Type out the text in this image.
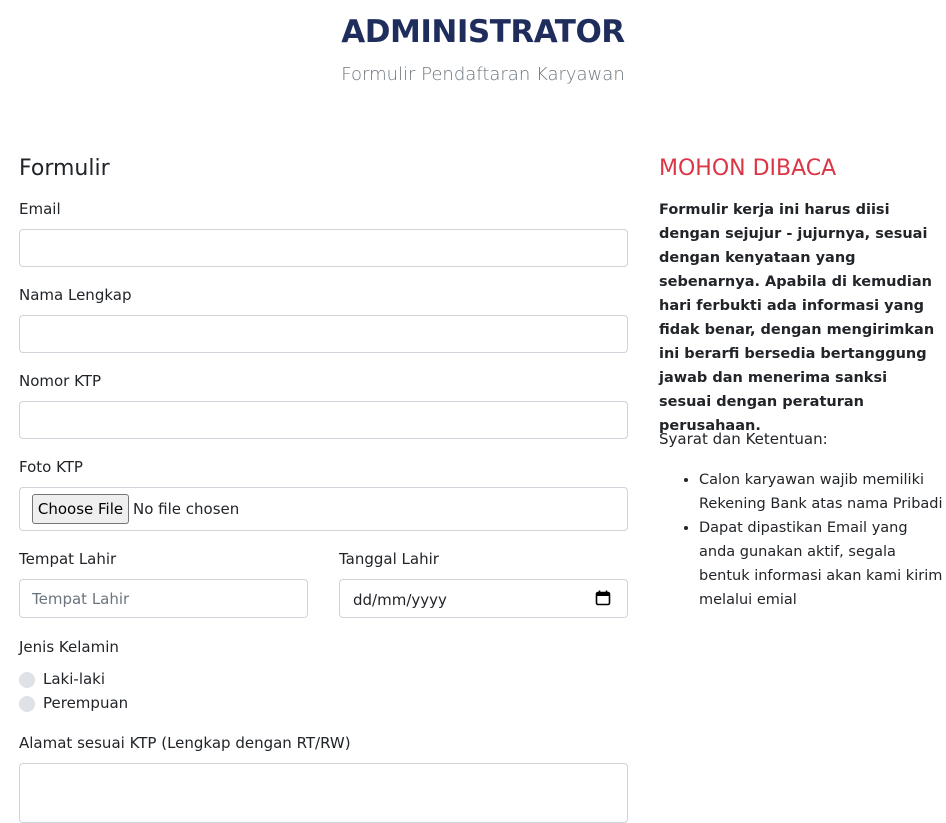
ADMINISTRATOR
Formulir Pendaftaran Karyawan
Formulir
Email
Nama Lengkap
Nomor KTP
Foto KTP
Choose File No file chosen
Tempat Lahir
Tempat Lahir
Tanggal Lahir
dd/mm/yyyy
Jenis Kelamin
Laki-laki
Perempuan
Alamat sesuai KTP (Lengkap dengan RT/RW)
MOHON DIBACA
Formulir kerja ini harus diisi dengan sejujur - jujurnya, sesuai dengan kenyataan yang sebenarnya. Apabila di kemudian hari ferbukti ada informasi yang fidak benar, dengan mengirimkan ini berarfi bersedia bertanggung jawab dan menerima sanksi sesuai dengan peraturan perusahaan.
Syarat dan Ketentuan:
• Calon karyawan wajib memiliki Rekening Bank atas nama Pribadi
• Dapat dipastikan Email yang anda gunakan aktif, segala bentuk informasi akan kami kirim melalui emial
